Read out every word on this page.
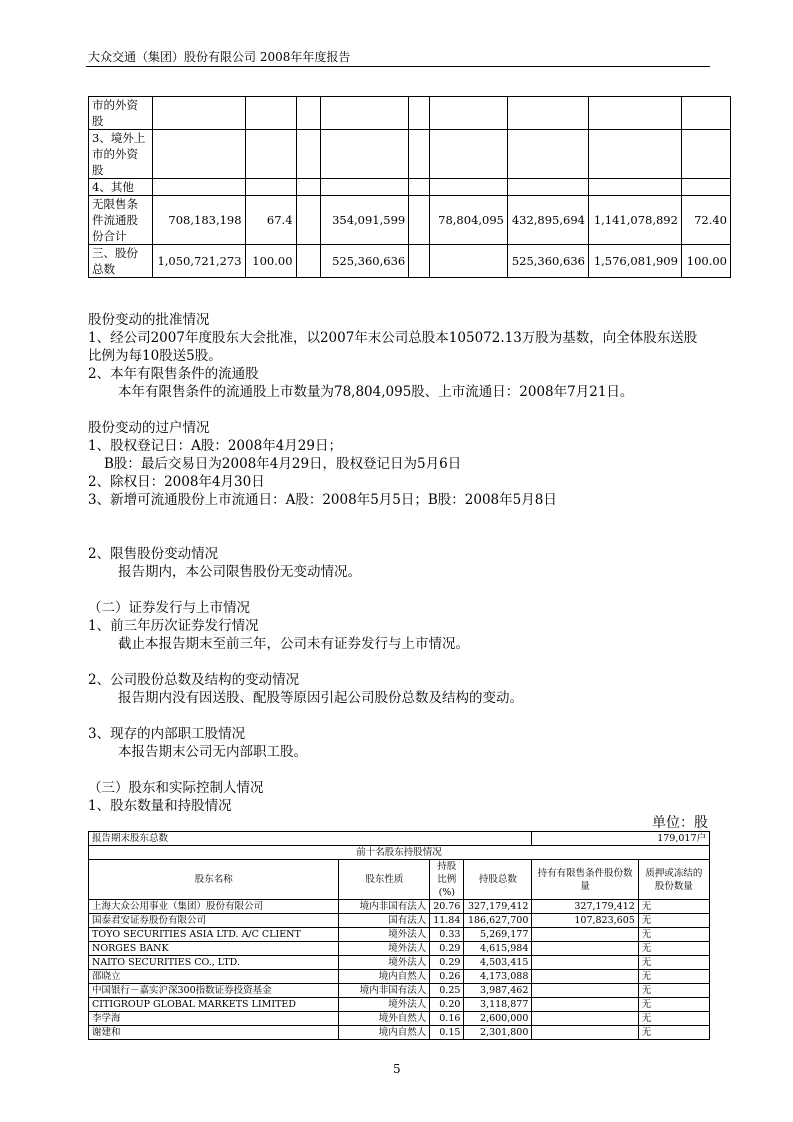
大众交通（集团）股份有限公司 2008年年度报告
市的外资股									
3、境外上市的外资股									
4、其他									
无限售条件流通股份合计	708,183,198	67.4		354,091,599		78,804,095	432,895,694	1,141,078,892	72.40
三、股份总数	1,050,721,273	100.00		525,360,636			525,360,636	1,576,081,909	100.00
股份变动的批准情况
1、经公司2007年度股东大会批准，以2007年末公司总股本105072.13万股为基数，向全体股东送股
比例为每10股送5股。
2、本年有限售条件的流通股
本年有限售条件的流通股上市数量为78,804,095股、上市流通日：2008年7月21日。
股份变动的过户情况
1、股权登记日：A股：2008年4月29日；
B股：最后交易日为2008年4月29日，股权登记日为5月6日
2、除权日：2008年4月30日
3、新增可流通股份上市流通日：A股：2008年5月5日；B股：2008年5月8日
2、限售股份变动情况
报告期内，本公司限售股份无变动情况。
（二）证券发行与上市情况
1、前三年历次证券发行情况
截止本报告期末至前三年，公司未有证券发行与上市情况。
2、公司股份总数及结构的变动情况
报告期内没有因送股、配股等原因引起公司股份总数及结构的变动。
3、现存的内部职工股情况
本报告期末公司无内部职工股。
（三）股东和实际控制人情况
1、股东数量和持股情况
单位：股
报告期末股东总数				179,017户	
前十名股东持股情况					
股东名称	股东性质	持股比例(%)	持股总数	持有有限售条件股份数量	质押或冻结的股份数量
上海大众公用事业（集团）股份有限公司	境内非国有法人	20.76	327,179,412	327,179,412	无
国泰君安证券股份有限公司	国有法人	11.84	186,627,700	107,823,605	无
TOYO SECURITIES ASIA LTD. A/C CLIENT	境外法人	0.33	5,269,177		无
NORGES BANK	境外法人	0.29	4,615,984		无
NAITO SECURITIES CO., LTD.	境外法人	0.29	4,503,415		无
邵晓立	境内自然人	0.26	4,173,088		无
中国银行－嘉实沪深300指数证券投资基金	境内非国有法人	0.25	3,987,462		无
CITIGROUP GLOBAL MARKETS LIMITED	境外法人	0.20	3,118,877		无
李学海	境外自然人	0.16	2,600,000		无
谢建和	境内自然人	0.15	2,301,800		无
5
